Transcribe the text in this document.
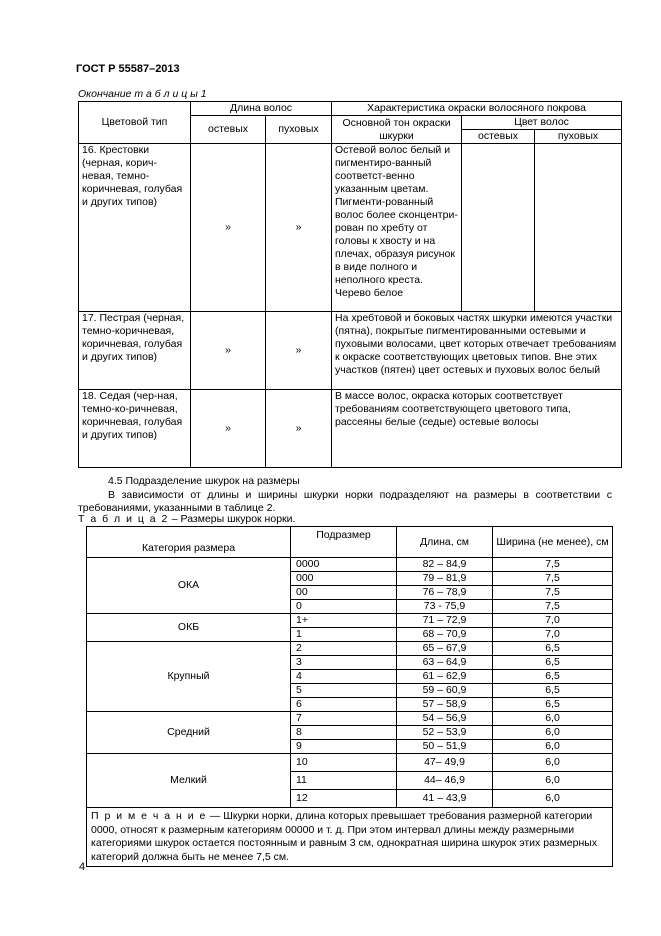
ГОСТ Р 55587–2013
Окончание т а б л и ц ы 1
Цветовой тип	Длина волос		Характеристика окраски волосяного покрова		
	остевых	пуховых	Основной тон окраски шкурки	Цвет волос	
				остевых	пуховых
16. Крестовки (черная, корич-невая, темно-коричневая, голубая и других типов)	»	»	Остевой волос белый и пигментиро-ванный соответст-венно указанным цветам. Пигменти-рованный волос более сконцентри-рован по хребту от головы к хвосту и на плечах, образуя рисунок в виде полного и неполного креста. Черево белое		
17. Пестрая (черная, темно-коричневая, коричневая, голубая и других типов)	»	»	На хребтовой и боковых частях шкурки имеются участки (пятна), покрытые пигментированными остевыми и пуховыми волосами, цвет которых отвечает требованиям к окраске соответствующих цветовых типов. Вне этих участков (пятен) цвет остевых и пуховых волос белый		
18. Седая (чер-ная, темно-ко-ричневая, коричневая, голубая и других типов)	»	»	В массе волос, окраска которых соответствует требованиям соответствующего цветового типа, рассеяны белые (седые) остевые волосы		
4.5 Подразделение шкурок на размеры
В зависимости от длины и ширины шкурки норки подразделяют на размеры в соответствии с требованиями, указанными в таблице 2.
Т а б л и ц а 2 – Размеры шкурок норки.
Категория размера	Подразмер	Длина, см	Ширина (не менее), см
ОКА	0000	82 – 84,9	7,5
	000	79 – 81,9	7,5
	00	76 – 78,9	7,5
	0	73 - 75,9	7,5
ОКБ	1+	71 – 72,9	7,0
	1	68 – 70,9	7,0
Крупный	2	65 – 67,9	6,5
	3	63 – 64,9	6,5
	4	61 – 62,9	6,5
	5	59 – 60,9	6,5
	6	57 – 58,9	6,5
Средний	7	54 – 56,9	6,0
	8	52 – 53,9	6,0
	9	50 – 51,9	6,0
Мелкий	10	47– 49,9	6,0
	11	44– 46,9	6,0
	12	41 – 43,9	6,0
П р и м е ч а н и е — Шкурки норки, длина которых превышает требования размерной категории 0000, относят к размерным категориям 00000 и т. д. При этом интервал длины между размерными категориями шкурок остается постоянным и равным 3 см, однократная ширина шкурок этих размерных категорий должна быть не менее 7,5 см.			
4
